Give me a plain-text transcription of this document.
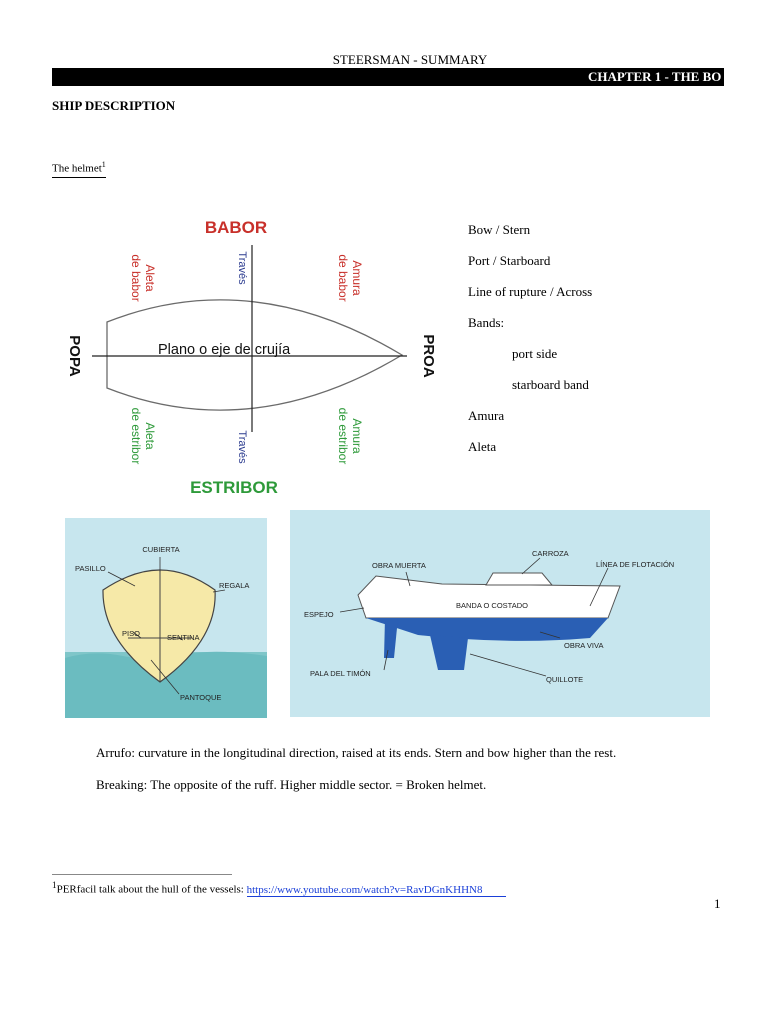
STEERSMAN - SUMMARY
CHAPTER 1 - THE BO
SHIP DESCRIPTION
The helmet$^1$
BABOR
ESTRIBOR
Plano o eje de crujía
POPA	PROA
Aleta
de babor	Través	Amura
de babor
Aleta
de estribor	Través	Amura
de estribor
Bow / Stern
Port / Starboard
Line of rupture / Across
Bands:
port side
starboard band
Amura
Aleta
CUBIERTA
PASILLO
REGALA
PISO	SENTINA
PANTOQUE
OBRA MUERTA
CARROZA
LÍNEA DE FLOTACIÓN
ESPEJO
BANDA O COSTADO
OBRA VIVA
PALA DEL TIMÓN
QUILLOTE
Arrufo: curvature in the longitudinal direction, raised at its ends. Stern and bow higher than the rest.
Breaking: The opposite of the ruff. Higher middle sector. = Broken helmet.
$^1$PERfacil talk about the hull of the vessels: https://www.youtube.com/watch?v=RavDGnKHHN8
1
